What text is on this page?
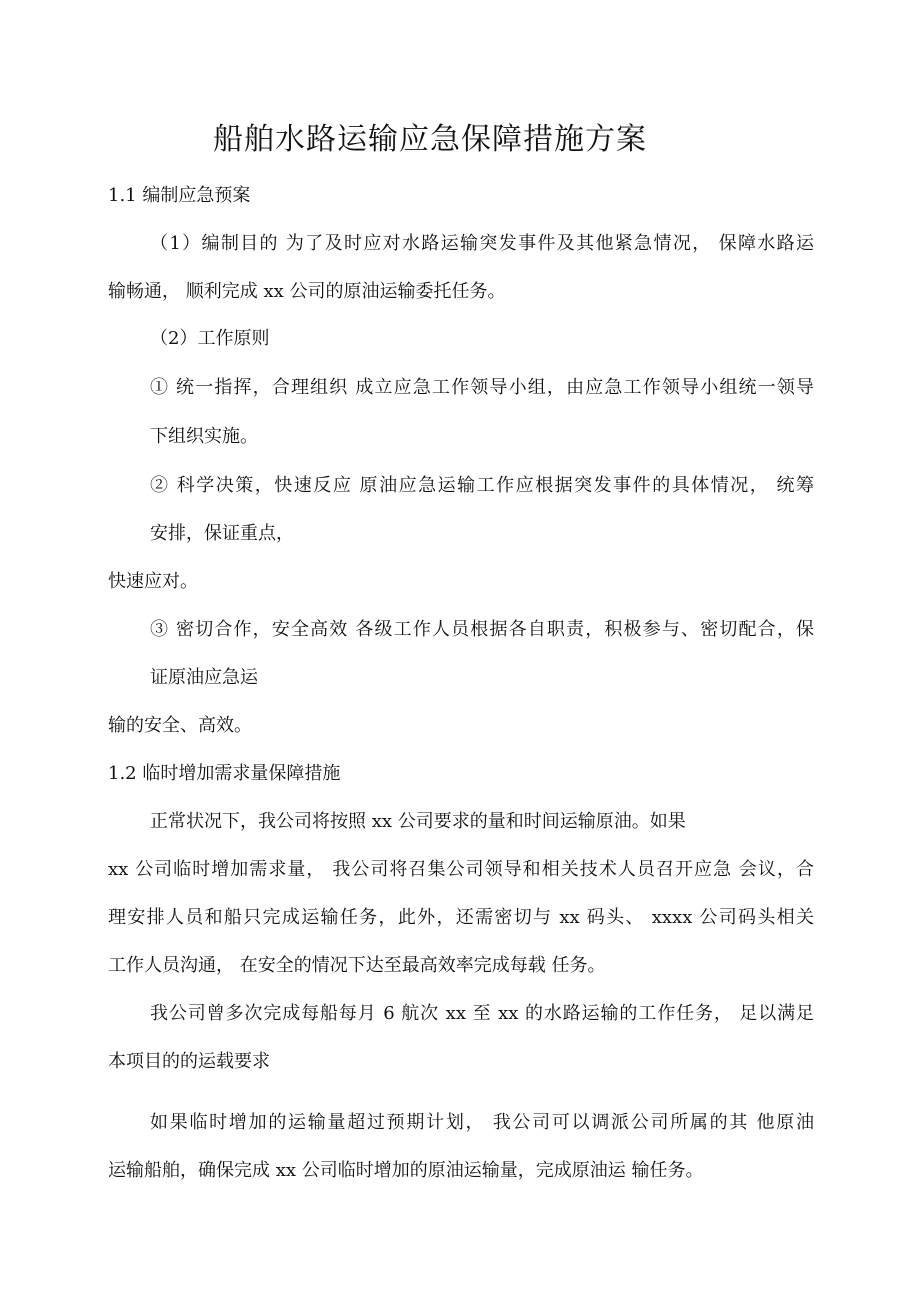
船舶水路运输应急保障措施方案
1.1 编制应急预案
（1）编制目的 为了及时应对水路运输突发事件及其他紧急情况， 保障水路运
输畅通， 顺利完成 xx 公司的原油运输委托任务。
（2）工作原则
① 统一指挥，合理组织 成立应急工作领导小组，由应急工作领导小组统一领导
下组织实施。
② 科学决策，快速反应 原油应急运输工作应根据突发事件的具体情况， 统筹
安排，保证重点，
快速应对。
③ 密切合作，安全高效 各级工作人员根据各自职责，积极参与、密切配合，保
证原油应急运
输的安全、高效。
1.2 临时增加需求量保障措施
正常状况下，我公司将按照 xx 公司要求的量和时间运输原油。如果
xx 公司临时增加需求量， 我公司将召集公司领导和相关技术人员召开应急 会议，合
理安排人员和船只完成运输任务，此外，还需密切与 xx 码头、 xxxx 公司码头相关
工作人员沟通， 在安全的情况下达至最高效率完成每载 任务。
我公司曾多次完成每船每月 6 航次 xx 至 xx 的水路运输的工作任务， 足以满足
本项目的的运载要求
如果临时增加的运输量超过预期计划， 我公司可以调派公司所属的其 他原油
运输船舶，确保完成 xx 公司临时增加的原油运输量，完成原油运 输任务。
